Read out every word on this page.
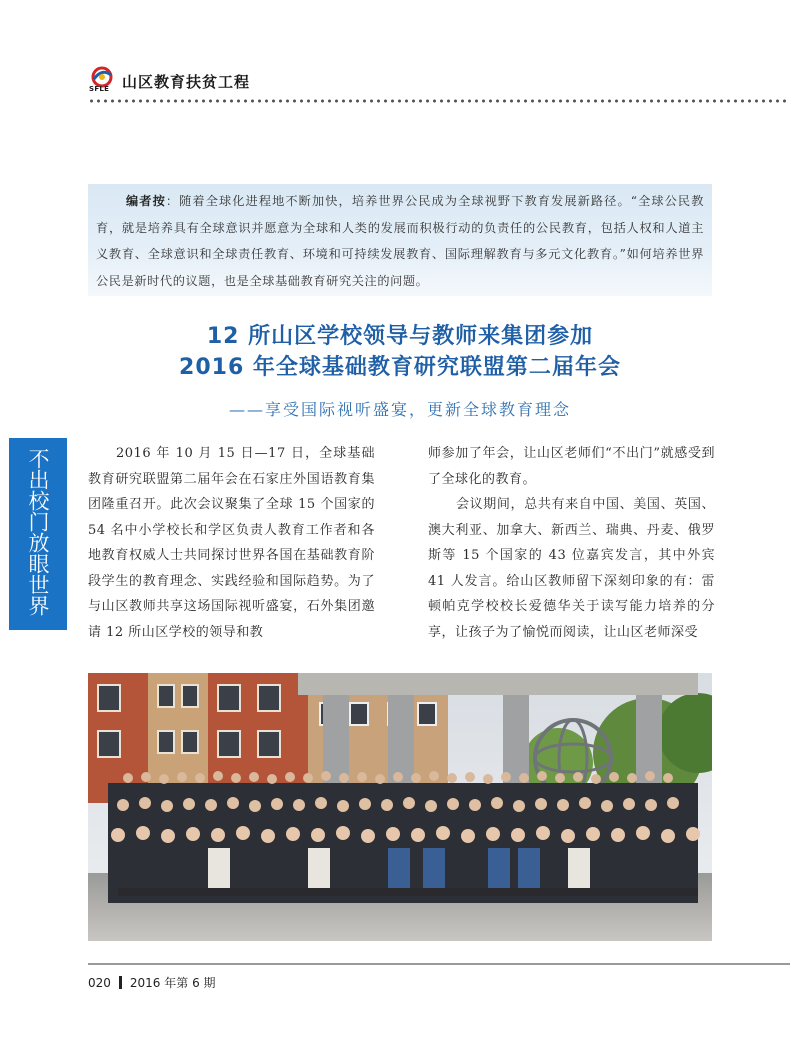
SFLE 山区教育扶贫工程

编者按：随着全球化进程地不断加快，培养世界公民成为全球视野下教育发展新路径。“全球公民教育，就是培养具有全球意识并愿意为全球和人类的发展而积极行动的负责任的公民教育，包括人权和人道主义教育、全球意识和全球责任教育、环境和可持续发展教育、国际理解教育与多元文化教育。”如何培养世界公民是新时代的议题，也是全球基础教育研究关注的问题。

12 所山区学校领导与教师来集团参加
2016 年全球基础教育研究联盟第二届年会
——享受国际视听盛宴，更新全球教育理念
不出校门放眼世界

2016 年 10 月 15 日—17 日，全球基础教育研究联盟第二届年会在石家庄外国语教育集团隆重召开。此次会议聚集了全球 15 个国家的 54 名中小学校长和学区负责人教育工作者和各地教育权威人士共同探讨世界各国在基础教育阶段学生的教育理念、实践经验和国际趋势。为了与山区教师共享这场国际视听盛宴，石外集团邀请 12 所山区学校的领导和教

师参加了年会，让山区老师们“不出门”就感受到了全球化的教育。

会议期间，总共有来自中国、美国、英国、澳大利亚、加拿大、新西兰、瑞典、丹麦、俄罗斯等 15 个国家的 43 位嘉宾发言，其中外宾 41 人发言。给山区教师留下深刻印象的有：雷顿帕克学校校长爱德华关于读写能力培养的分享，让孩子为了愉悦而阅读，让山区老师深受

020 2016 年第 6 期
